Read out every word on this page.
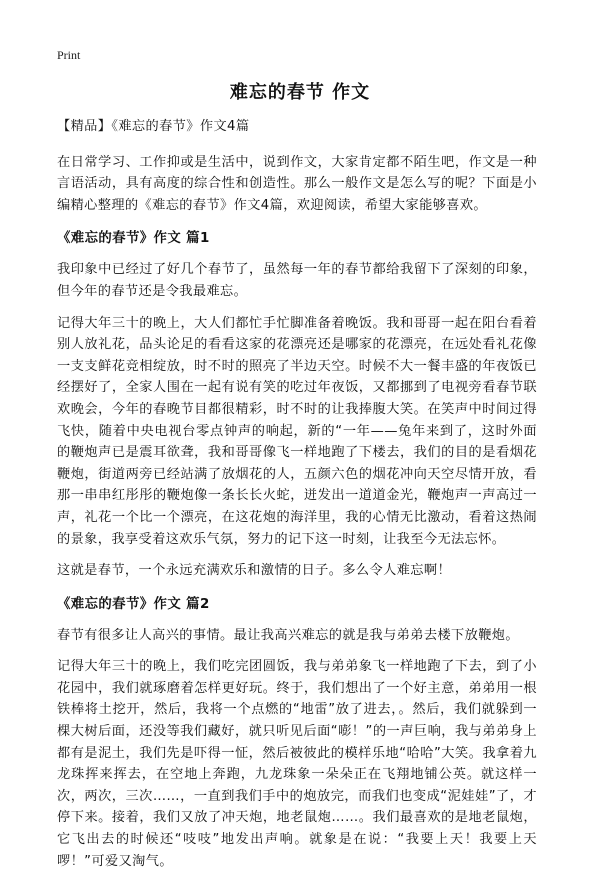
Print
难忘的春节 作文

【精品】《难忘的春节》作文4篇

在日常学习、工作抑或是生活中，说到作文，大家肯定都不陌生吧，作文是一种言语活动，具有高度的综合性和创造性。那么一般作文是怎么写的呢？下面是小编精心整理的《难忘的春节》作文4篇，欢迎阅读，希望大家能够喜欢。

《难忘的春节》作文 篇1

我印象中已经过了好几个春节了，虽然每一年的春节都给我留下了深刻的印象，但今年的春节还是令我最难忘。

记得大年三十的晚上，大人们都忙手忙脚准备着晚饭。我和哥哥一起在阳台看着别人放礼花，品头论足的看看这家的花漂亮还是哪家的花漂亮，在远处看礼花像一支支鲜花竞相绽放，时不时的照亮了半边天空。时候不大一餐丰盛的年夜饭已经摆好了，全家人围在一起有说有笑的吃过年夜饭，又都挪到了电视旁看春节联欢晚会，今年的春晚节目都很精彩，时不时的让我捧腹大笑。在笑声中时间过得飞快，随着中央电视台零点钟声的响起，新的“一年——兔年来到了，这时外面的鞭炮声已是震耳欲聋，我和哥哥像飞一样地跑了下楼去，我们的目的是看烟花鞭炮，街道两旁已经站满了放烟花的人，五颜六色的烟花冲向天空尽情开放，看那一串串红彤彤的鞭炮像一条长长火蛇，迸发出一道道金光，鞭炮声一声高过一声，礼花一个比一个漂亮，在这花炮的海洋里，我的心情无比激动，看着这热闹的景象，我享受着这欢乐气氛，努力的记下这一时刻，让我至今无法忘怀。

这就是春节，一个永远充满欢乐和激情的日子。多么令人难忘啊！

《难忘的春节》作文 篇2

春节有很多让人高兴的事情。最让我高兴难忘的就是我与弟弟去楼下放鞭炮。

记得大年三十的晚上，我们吃完团圆饭，我与弟弟象飞一样地跑了下去，到了小花园中，我们就琢磨着怎样更好玩。终于，我们想出了一个好主意，弟弟用一根铁棒将土挖开，然后，我将一个点燃的“地雷”放了进去，。然后，我们就躲到一棵大树后面，还没等我们藏好，就只听见后面“嘭！”的一声巨响，我与弟弟身上都有是泥土，我们先是吓得一怔，然后被彼此的模样乐地“哈哈”大笑。我拿着九龙珠挥来挥去，在空地上奔跑，九龙珠象一朵朵正在飞翔地铺公英。就这样一次，两次，三次……，一直到我们手中的炮放完，而我们也变成“泥娃娃”了，才停下来。接着，我们又放了冲天炮，地老鼠炮……。我们最喜欢的是地老鼠炮，它飞出去的时候还“吱吱”地发出声响。就象是在说：“我要上天！我要上天啰！”可爱又淘气。
